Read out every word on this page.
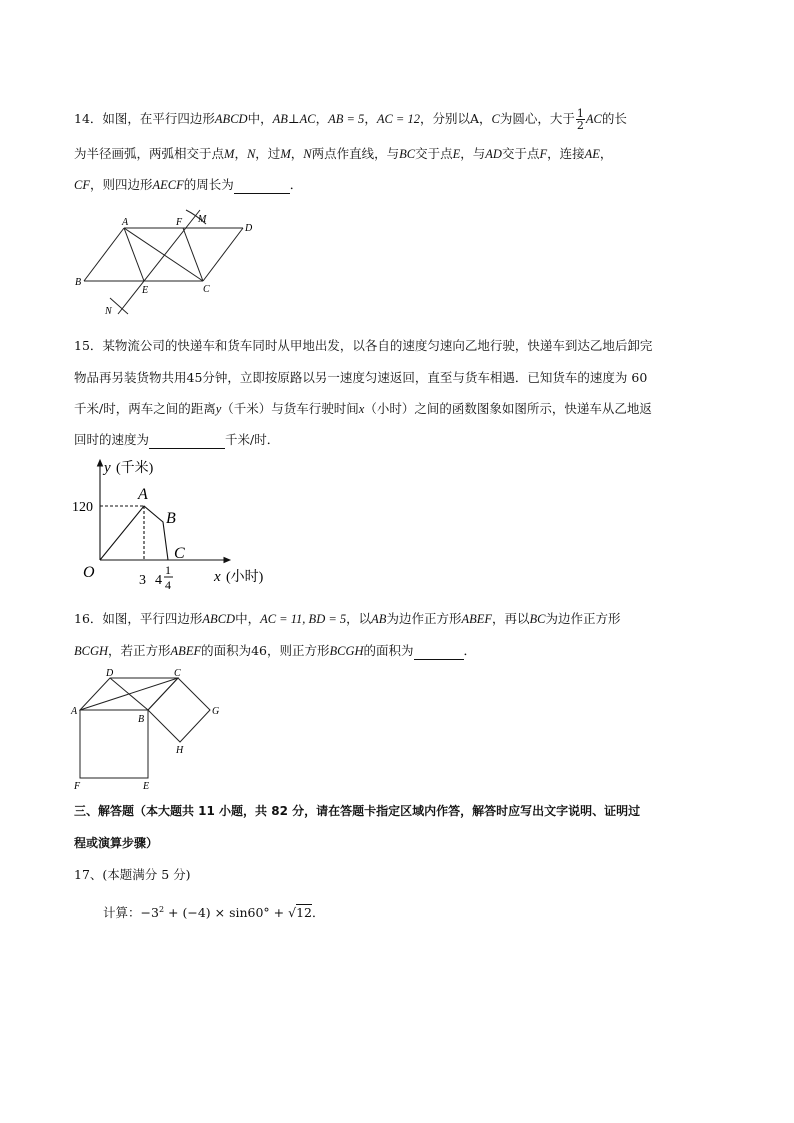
14．如图，在平行四边形ABCD中，AB⊥AC，AB = 5，AC = 12，分别以A，C为圆心，大于 $\frac{1}{2}$ AC的长
为半径画弧，两弧相交于点M，N，过M，N两点作直线，与BC交于点E，与AD交于点F，连接AE，
CF，则四边形AECF的周长为	．
A	F M
D
B
E	C
N
15．某物流公司的快递车和货车同时从甲地出发，以各自的速度匀速向乙地行驶，快递车到达乙地后卸完
物品再另装货物共用45分钟，立即按原路以另一速度匀速返回，直至与货车相遇．已知货车的速度为 60
千米/时，两车之间的距离y（千米）与货车行驶时间x（小时）之间的函数图象如图所示，快递车从乙地返
回时的速度为	千米/时．
y (千米)
x (小时)
120
3 4
1
4
O
A
B
C
16．如图，平行四边形ABCD中，AC = 11, BD = 5，以AB为边作正方形ABEF，再以BC为边作正方形
BCGH，若正方形ABEF的面积为46，则正方形BCGH的面积为	．
D	C
A
B
G
H
F	E
三、解答题（本大题共 11 小题，共 82 分，请在答题卡指定区域内作答，解答时应写出文字说明、证明过
程或演算步骤）
17、(本题满分 5 分)
计算：$-3^2 + (-4) \times \sin 60^\circ + √12$．
